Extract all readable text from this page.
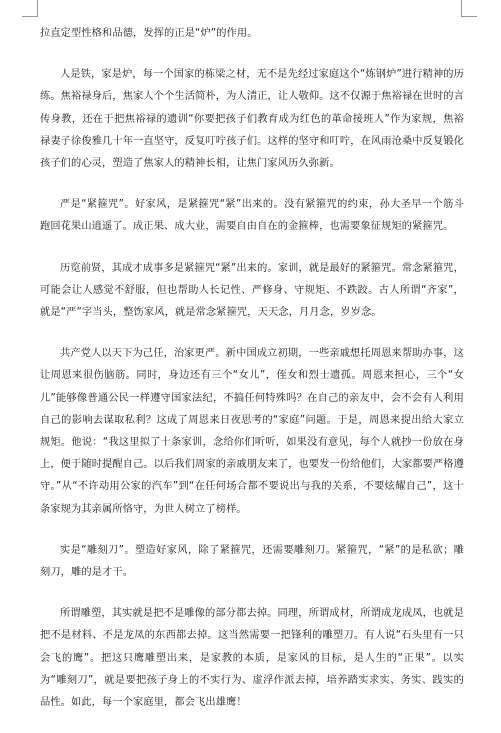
拉直定型性格和品德，发挥的正是“炉”的作用。

人是铁，家是炉，每一个国家的栋梁之材，无不是先经过家庭这个“炼钢炉”进行精神的历练。焦裕禄身后，焦家人个个生活简朴，为人清正，让人敬仰。这不仅源于焦裕禄在世时的言传身教，还在于把焦裕禄的遗训“你要把孩子们教育成为红色的革命接班人”作为家规，焦裕禄妻子徐俊雅几十年一直坚守，反复叮咛孩子们。这样的坚守和叮咛，在风雨沧桑中反复锻化孩子们的心灵，塑造了焦家人的精神长相，让焦门家风历久弥新。

严是“紧箍咒”。好家风，是紧箍咒“紧”出来的。没有紧箍咒的约束，孙大圣早一个筋斗跑回花果山逍遥了。成正果、成大业，需要自由自在的金箍棒，也需要象征规矩的紧箍咒。

历览前贤，其成才成事多是紧箍咒“紧”出来的。家训，就是最好的紧箍咒。常念紧箍咒，可能会让人感觉不舒服，但也帮助人长记性、严修身、守规矩、不跌跤。古人所谓“齐家”，就是“严”字当头，整饬家风，就是常念紧箍咒，天天念，月月念，岁岁念。

共产党人以天下为己任，治家更严。新中国成立初期，一些亲戚想托周恩来帮助办事，这让周恩来很伤脑筋。同时，身边还有三个“女儿”，侄女和烈士遗孤。周恩来担心，三个“女儿”能够像普通公民一样遵守国家法纪，不搞任何特殊吗？在自己的亲友中，会不会有人利用自己的影响去谋取私利？这成了周恩来日夜思考的“家庭”问题。于是，周恩来提出给大家立规矩。他说：“我这里拟了十条家训，念给你们听听，如果没有意见，每个人就抄一份放在身上，便于随时提醒自己。以后我们周家的亲戚朋友来了，也要发一份给他们，大家都要严格遵守。”从“不许动用公家的汽车”到“在任何场合都不要说出与我的关系，不要炫耀自己”，这十条家规为其亲属所恪守，为世人树立了榜样。

实是“雕刻刀”。塑造好家风，除了紧箍咒，还需要雕刻刀。紧箍咒，“紧”的是私欲；雕刻刀，雕的是才干。

所谓雕塑，其实就是把不是雕像的部分都去掉。同理，所谓成材，所谓成龙成凤，也就是把不是材料、不是龙凤的东西都去掉。这当然需要一把锋利的雕塑刀。有人说“石头里有一只会飞的鹰”。把这只鹰雕塑出来，是家教的本质，是家风的目标，是人生的“正果”。以实为“雕刻刀”，就是要把孩子身上的不实行为、虚浮作派去掉，培养踏实求实、务实、践实的品性。如此，每一个家庭里，都会飞出雄鹰！
